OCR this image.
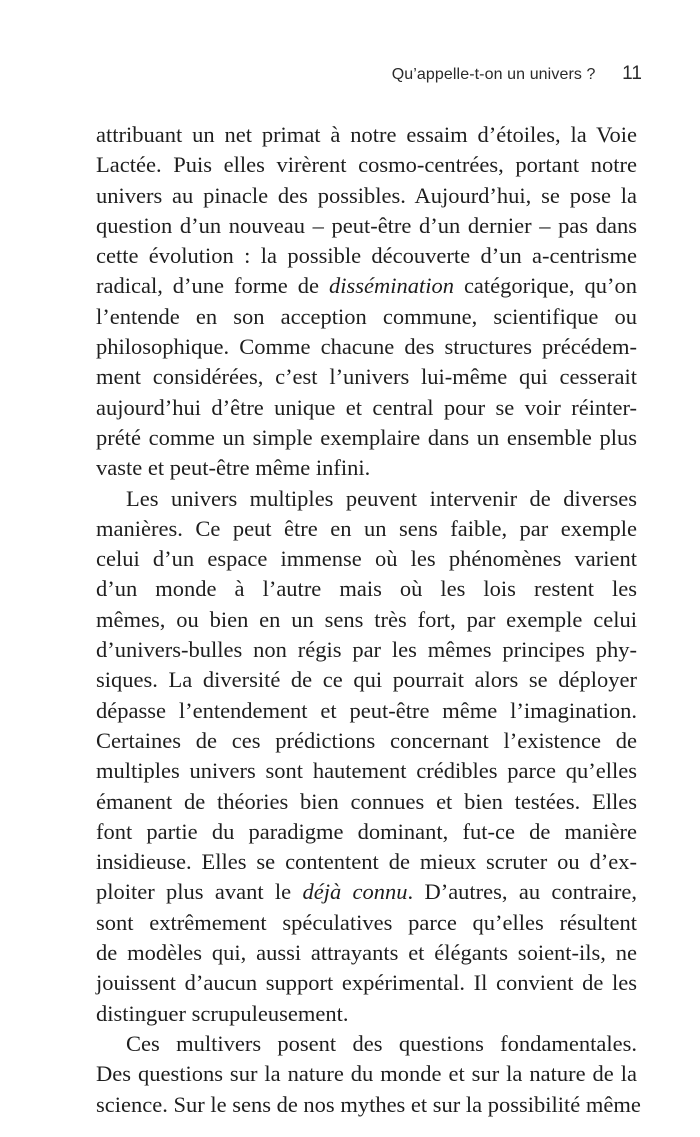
Qu’appelle-t-on un univers ? 11
attribuant un net primat à notre essaim d’étoiles, la Voie
Lactée. Puis elles virèrent cosmo-centrées, portant notre
univers au pinacle des possibles. Aujourd’hui, se pose la
question d’un nouveau – peut-être d’un dernier – pas dans
cette évolution : la possible découverte d’un a-centrisme
radical, d’une forme de dissémination catégorique, qu’on
l’entende en son acception commune, scientifique ou
philosophique. Comme chacune des structures précédem-
ment considérées, c’est l’univers lui-même qui cesserait
aujourd’hui d’être unique et central pour se voir réinter-
prété comme un simple exemplaire dans un ensemble plus
vaste et peut-être même infini.
Les univers multiples peuvent intervenir de diverses
manières. Ce peut être en un sens faible, par exemple
celui d’un espace immense où les phénomènes varient
d’un monde à l’autre mais où les lois restent les
mêmes, ou bien en un sens très fort, par exemple celui
d’univers-bulles non régis par les mêmes principes phy-
siques. La diversité de ce qui pourrait alors se déployer
dépasse l’entendement et peut-être même l’imagination.
Certaines de ces prédictions concernant l’existence de
multiples univers sont hautement crédibles parce qu’elles
émanent de théories bien connues et bien testées. Elles
font partie du paradigme dominant, fut-ce de manière
insidieuse. Elles se contentent de mieux scruter ou d’ex-
ploiter plus avant le déjà connu. D’autres, au contraire,
sont extrêmement spéculatives parce qu’elles résultent
de modèles qui, aussi attrayants et élégants soient-ils, ne
jouissent d’aucun support expérimental. Il convient de les
distinguer scrupuleusement.
Ces multivers posent des questions fondamentales.
Des questions sur la nature du monde et sur la nature de la
science. Sur le sens de nos mythes et sur la possibilité même
